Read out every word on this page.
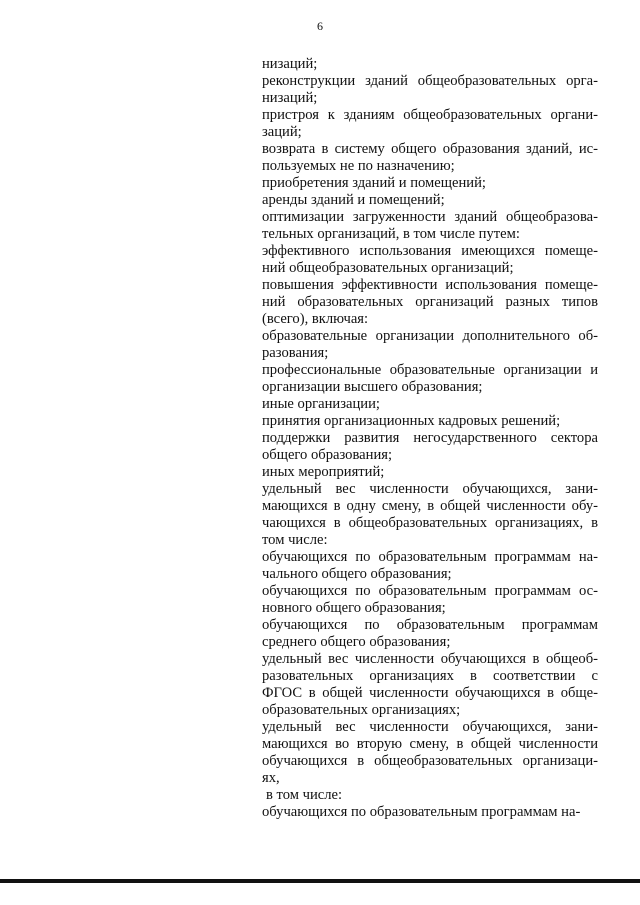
6
низаций;
реконструкции зданий общеобразовательных орга-
низаций;
пристроя к зданиям общеобразовательных органи-
заций;
возврата в систему общего образования зданий, ис-
пользуемых не по назначению;
приобретения зданий и помещений;
аренды зданий и помещений;
оптимизации загруженности зданий общеобразова-
тельных организаций, в том числе путем:
эффективного использования имеющихся помеще-
ний общеобразовательных организаций;
повышения эффективности использования помеще-
ний образовательных организаций разных типов
(всего), включая:
образовательные организации дополнительного об-
разования;
профессиональные образовательные организации и
организации высшего образования;
иные организации;
принятия организационных кадровых решений;
поддержки развития негосударственного сектора
общего образования;
иных мероприятий;
удельный вес численности обучающихся, зани-
мающихся в одну смену, в общей численности обу-
чающихся в общеобразовательных организациях, в
том числе:
обучающихся по образовательным программам на-
чального общего образования;
обучающихся по образовательным программам ос-
новного общего образования;
обучающихся по образовательным программам
среднего общего образования;
удельный вес численности обучающихся в общеоб-
разовательных организациях в соответствии с
ФГОС в общей численности обучающихся в обще-
образовательных организациях;
удельный вес численности обучающихся, зани-
мающихся во вторую смену, в общей численности
обучающихся в общеобразовательных организаци-
ях,
в том числе:
обучающихся по образовательным программам на-
